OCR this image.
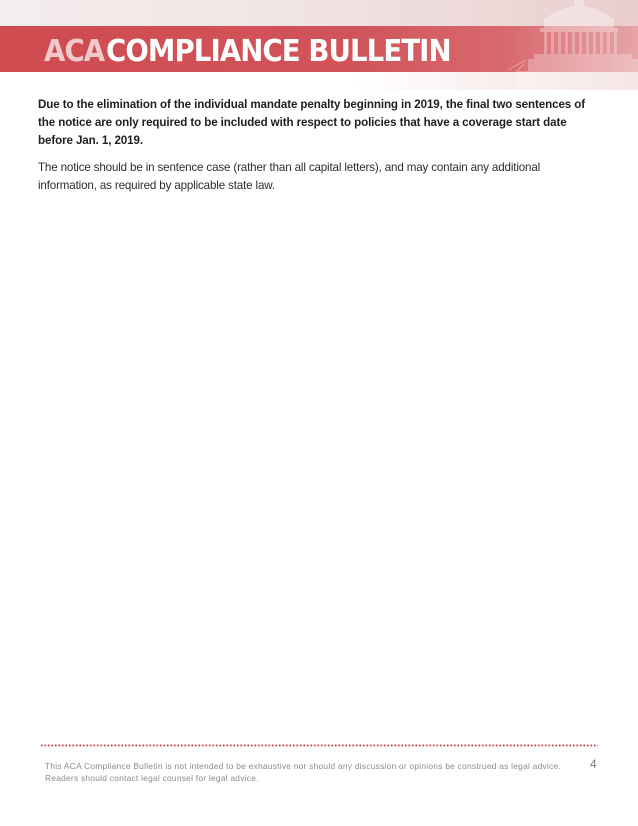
ACA COMPLIANCE BULLETIN

Due to the elimination of the individual mandate penalty beginning in 2019, the final two sentences of the notice are only required to be included with respect to policies that have a coverage start date before Jan. 1, 2019.

The notice should be in sentence case (rather than all capital letters), and may contain any additional information, as required by applicable state law.

This ACA Compliance Bulletin is not intended to be exhaustive nor should any discussion or opinions be construed as legal advice. Readers should contact legal counsel for legal advice.
4
